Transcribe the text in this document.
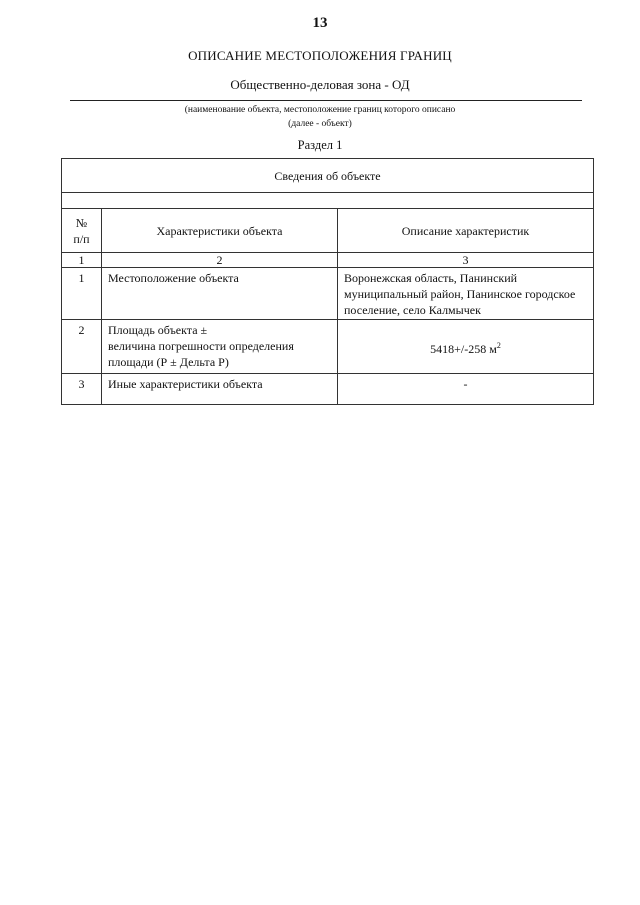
13
ОПИСАНИЕ МЕСТОПОЛОЖЕНИЯ ГРАНИЦ
Общественно-деловая зона - ОД
(наименование объекта, местоположение границ которого описано
(далее - объект)
Раздел 1
Сведения об объекте		

№
п/п	Характеристики объекта	Описание характеристик
1	2	3
1	Местоположение объекта	Воронежская область, Панинский муниципальный район, Панинское городское поселение, село Калмычек
2	Площадь объекта ±
величина погрешности определения площади (Р ± Дельта Р)	5418+/-258 $м^2$
3	Иные характеристики объекта	-
